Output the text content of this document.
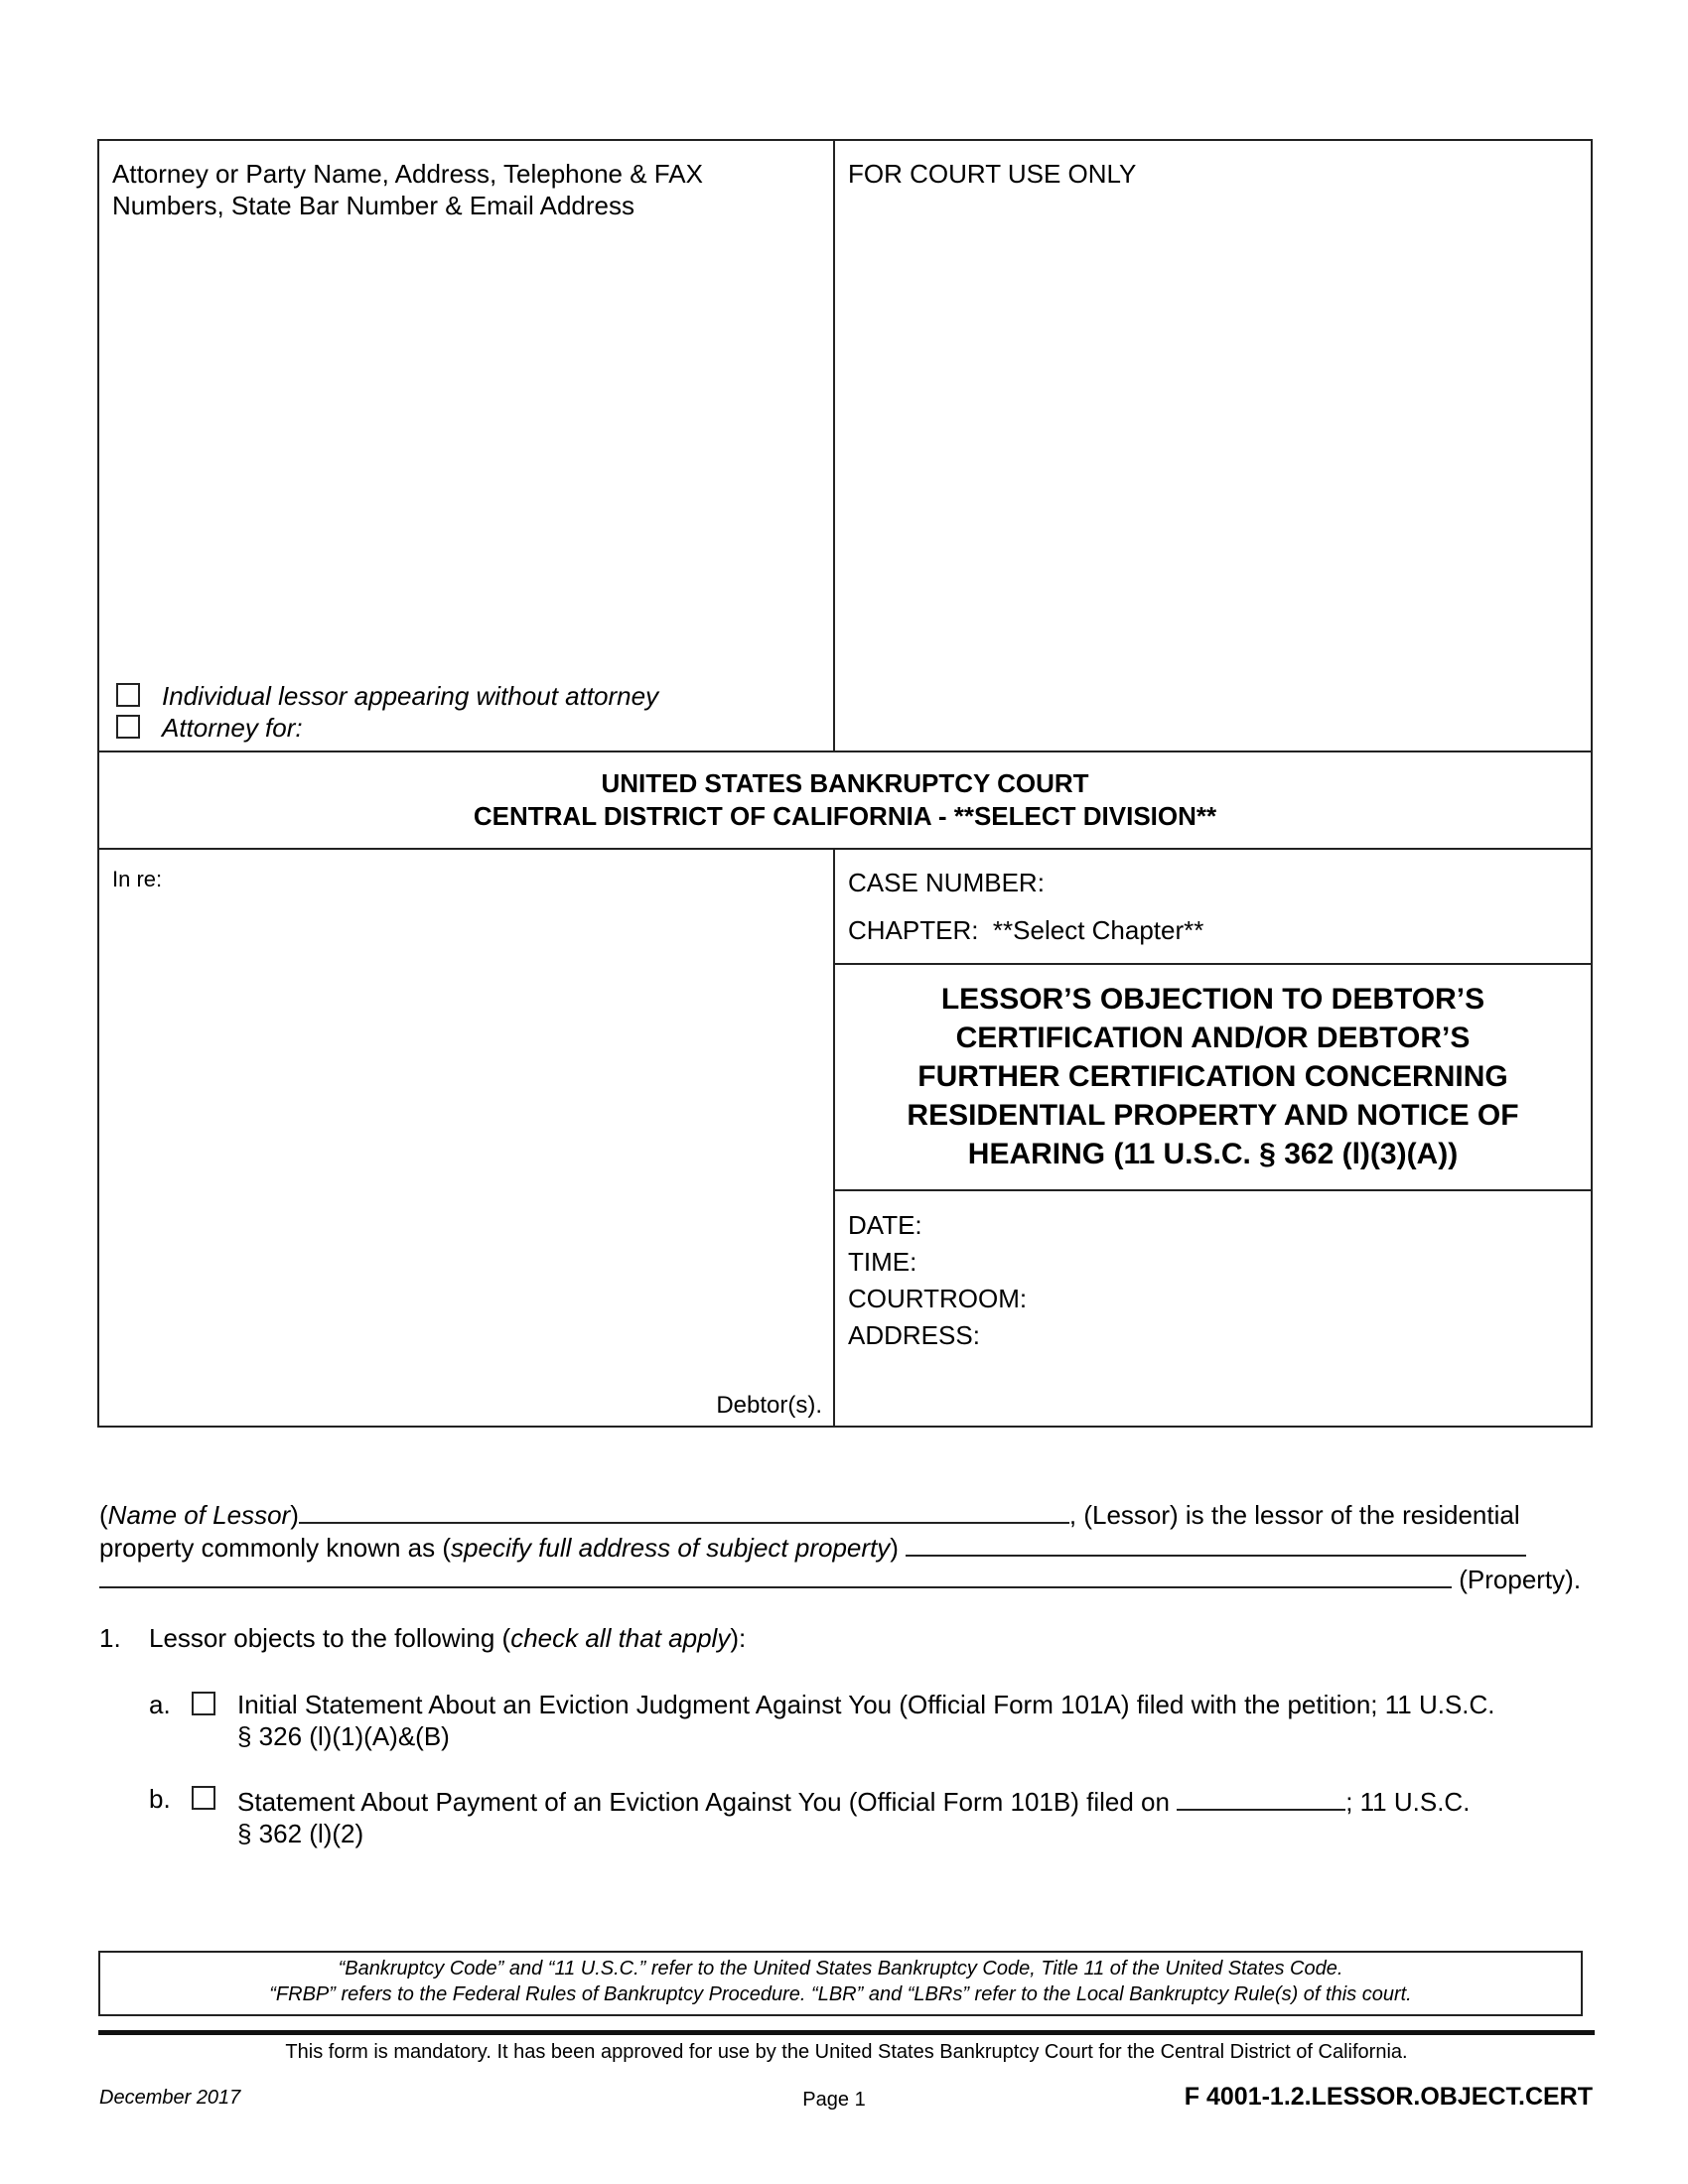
Attorney or Party Name, Address, Telephone & FAX
Numbers, State Bar Number & Email Address
FOR COURT USE ONLY
Individual lessor appearing without attorney
Attorney for:
UNITED STATES BANKRUPTCY COURT
CENTRAL DISTRICT OF CALIFORNIA - **SELECT DIVISION**
In re:
Debtor(s).
CASE NUMBER:
CHAPTER: **Select Chapter**
LESSOR’S OBJECTION TO DEBTOR’S
CERTIFICATION AND/OR DEBTOR’S
FURTHER CERTIFICATION CONCERNING
RESIDENTIAL PROPERTY AND NOTICE OF
HEARING (11 U.S.C. § 362 (l)(3)(A))
DATE:
TIME:
COURTROOM:
ADDRESS:
(Name of Lessor)	, (Lessor) is the lessor of the residential
property commonly known as (specify full address of subject property)
(Property).
1. Lessor objects to the following (check all that apply):
a.	Initial Statement About an Eviction Judgment Against You (Official Form 101A) filed with the petition; 11 U.S.C.
§ 326 (l)(1)(A)&(B)
b.	Statement About Payment of an Eviction Against You (Official Form 101B) filed on	; 11 U.S.C.
§ 362 (l)(2)
“Bankruptcy Code” and “11 U.S.C.” refer to the United States Bankruptcy Code, Title 11 of the United States Code.
“FRBP” refers to the Federal Rules of Bankruptcy Procedure. “LBR” and “LBRs” refer to the Local Bankruptcy Rule(s) of this court.
This form is mandatory. It has been approved for use by the United States Bankruptcy Court for the Central District of California.
December 2017	Page 1	F 4001-1.2.LESSOR.OBJECT.CERT
